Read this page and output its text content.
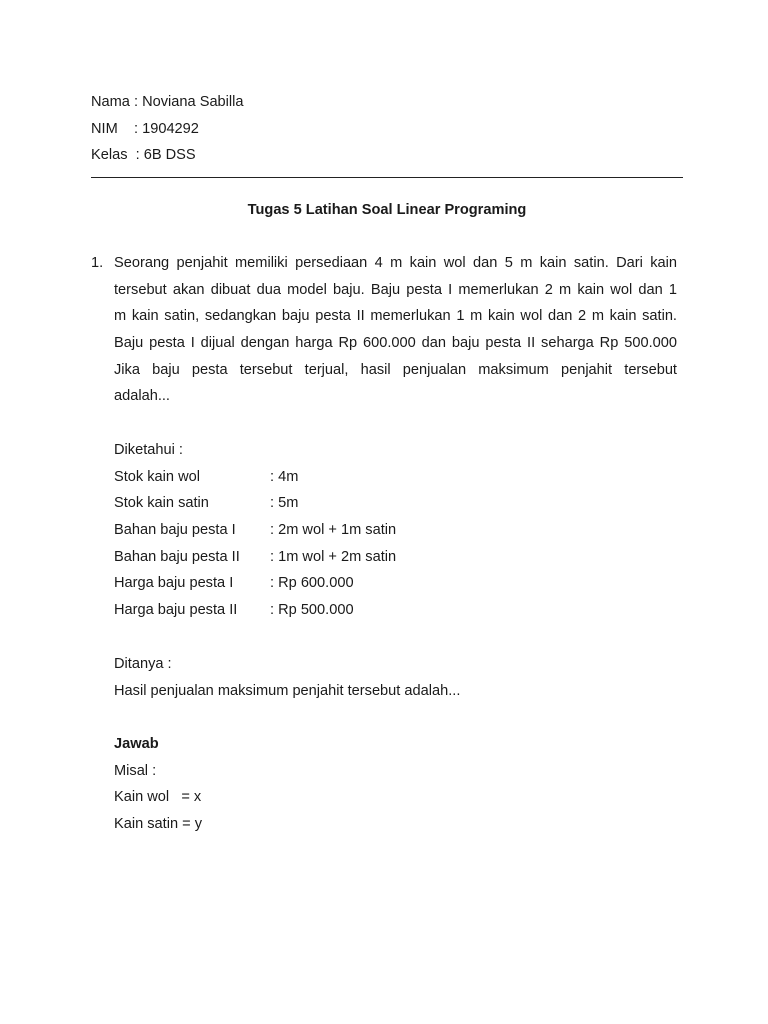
Nama : Noviana Sabilla
NIM    : 1904292
Kelas  : 6B DSS
Tugas 5 Latihan Soal Linear Programing
1. Seorang penjahit memiliki persediaan 4 m kain wol dan 5 m kain satin. Dari kain
tersebut akan dibuat dua model baju. Baju pesta I memerlukan 2 m kain wol dan 1
m kain satin, sedangkan baju pesta II memerlukan 1 m kain wol dan 2 m kain satin.
Baju pesta I dijual dengan harga Rp 600.000 dan baju pesta II seharga Rp 500.000
Jika baju pesta tersebut terjual, hasil penjualan maksimum penjahit tersebut
adalah...
Diketahui :
Stok kain wol	: 4m
Stok kain satin	: 5m
Bahan baju pesta I : 2m wol + 1m satin
Bahan baju pesta II : 1m wol + 2m satin
Harga baju pesta I	: Rp 600.000
Harga baju pesta II : Rp 500.000
Ditanya :
Hasil penjualan maksimum penjahit tersebut adalah...
Jawab
Misal :
Kain wol   = x
Kain satin = y
